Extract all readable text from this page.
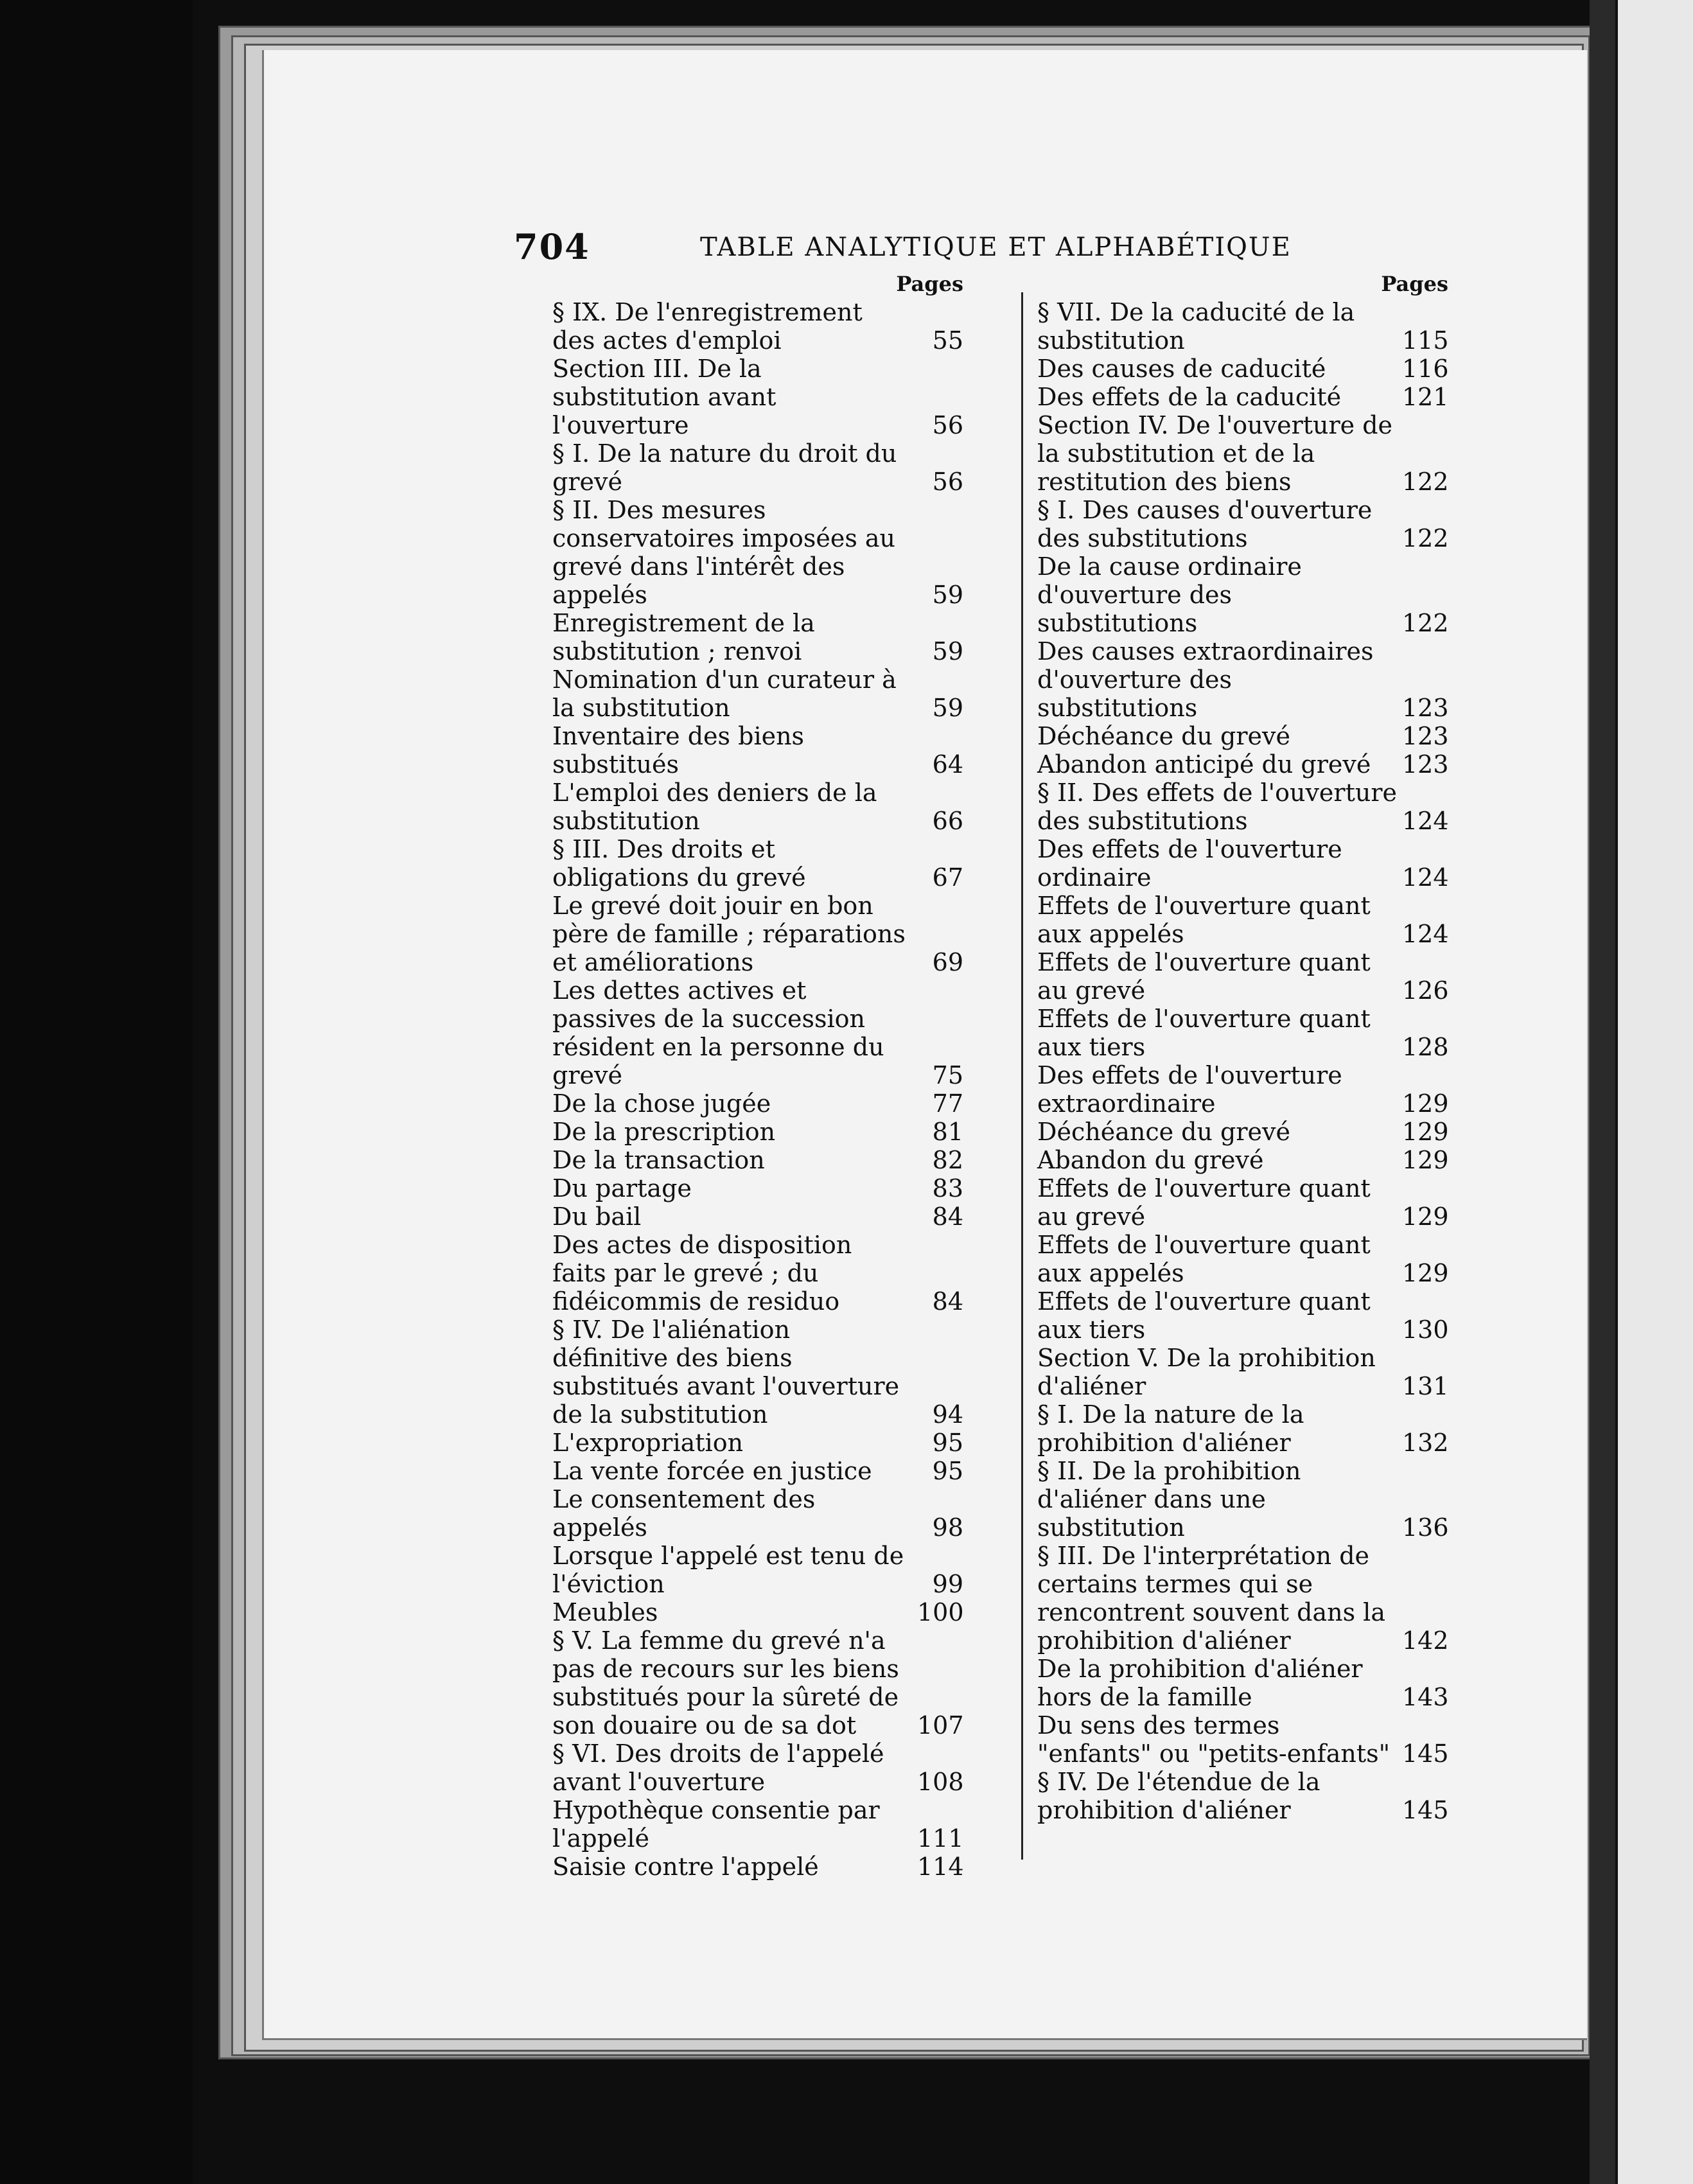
704	TABLE ANALYTIQUE ET ALPHABÉTIQUE
Pages
§ IX. De l'enregistrement des actes d'emploi	55
Section III. De la substitution avant l'ouverture	56
§ I. De la nature du droit du grevé	56
§ II. Des mesures conservatoires imposées au grevé dans l'intérêt des appelés	59
Enregistrement de la substitution ; renvoi	59
Nomination d'un curateur à la substitution	59
Inventaire des biens substitués	64
L'emploi des deniers de la substitution	66
§ III. Des droits et obligations du grevé	67
Le grevé doit jouir en bon père de famille ; réparations et améliorations	69
Les dettes actives et passives de la succession résident en la personne du grevé	75
De la chose jugée	77
De la prescription	81
De la transaction	82
Du partage	83
Du bail	84
Des actes de disposition faits par le grevé ; du fidéicommis de residuo	84
§ IV. De l'aliénation définitive des biens substitués avant l'ouverture de la substitution	94
L'expropriation	95
La vente forcée en justice	95
Le consentement des appelés	98
Lorsque l'appelé est tenu de l'éviction	99
Meubles	100
§ V. La femme du grevé n'a pas de recours sur les biens substitués pour la sûreté de son douaire ou de sa dot	107
§ VI. Des droits de l'appelé avant l'ouverture	108
Hypothèque consentie par l'appelé	111
Saisie contre l'appelé	114
Pages
§ VII. De la caducité de la substitution	115
Des causes de caducité	116
Des effets de la caducité	121
Section IV. De l'ouverture de la substitution et de la restitution des biens	122
§ I. Des causes d'ouverture des substitutions	122
De la cause ordinaire d'ouverture des substitutions	122
Des causes extraordinaires d'ouverture des substitutions	123
Déchéance du grevé	123
Abandon anticipé du grevé	123
§ II. Des effets de l'ouverture des substitutions	124
Des effets de l'ouverture ordinaire	124
Effets de l'ouverture quant aux appelés	124
Effets de l'ouverture quant au grevé	126
Effets de l'ouverture quant aux tiers	128
Des effets de l'ouverture extraordinaire	129
Déchéance du grevé	129
Abandon du grevé	129
Effets de l'ouverture quant au grevé	129
Effets de l'ouverture quant aux appelés	129
Effets de l'ouverture quant aux tiers	130
Section V. De la prohibition d'aliéner	131
§ I. De la nature de la prohibition d'aliéner	132
§ II. De la prohibition d'aliéner dans une substitution	136
§ III. De l'interprétation de certains termes qui se rencontrent souvent dans la prohibition d'aliéner	142
De la prohibition d'aliéner hors de la famille	143
Du sens des termes "enfants" ou "petits-enfants" 145
§ IV. De l'étendue de la prohibition d'aliéner	145
